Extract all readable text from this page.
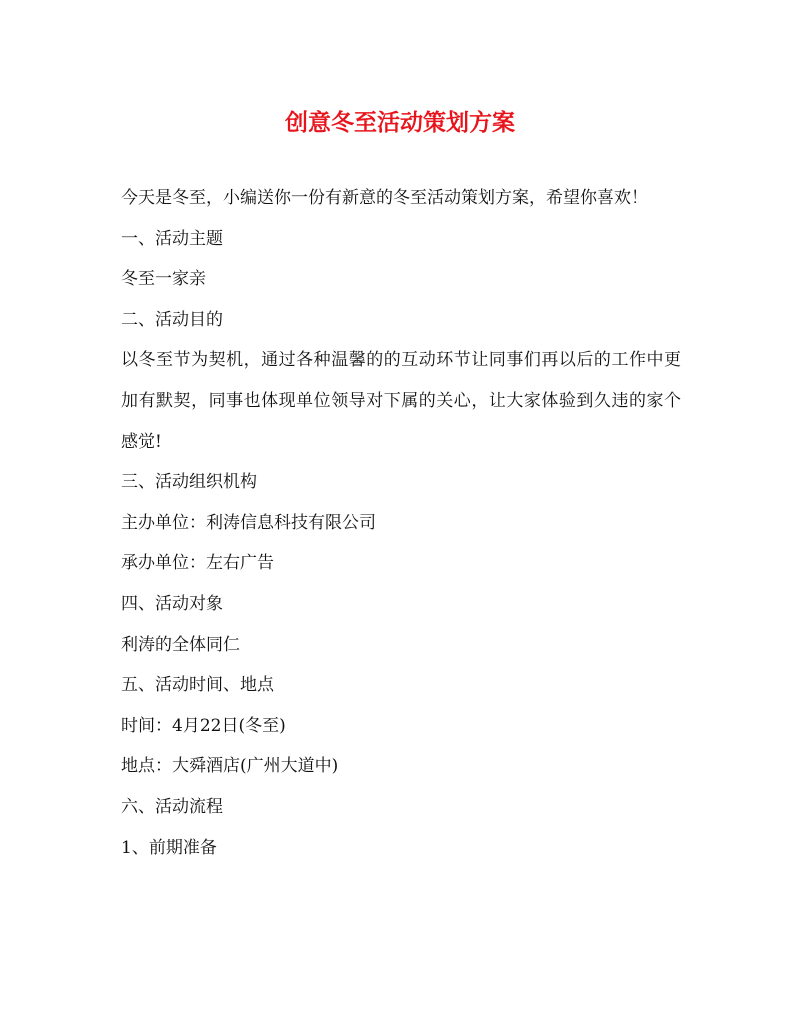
创意冬至活动策划方案

今天是冬至，小编送你一份有新意的冬至活动策划方案，希望你喜欢！

一、活动主题

冬至一家亲

二、活动目的

以冬至节为契机，通过各种温馨的的互动环节让同事们再以后的工作中更加有默契，同事也体现单位领导对下属的关心，让大家体验到久违的家个感觉!

三、活动组织机构

主办单位：利涛信息科技有限公司

承办单位：左右广告

四、活动对象

利涛的全体同仁

五、活动时间、地点

时间：4月22日(冬至)

地点：大舜酒店(广州大道中)

六、活动流程

1、前期准备
